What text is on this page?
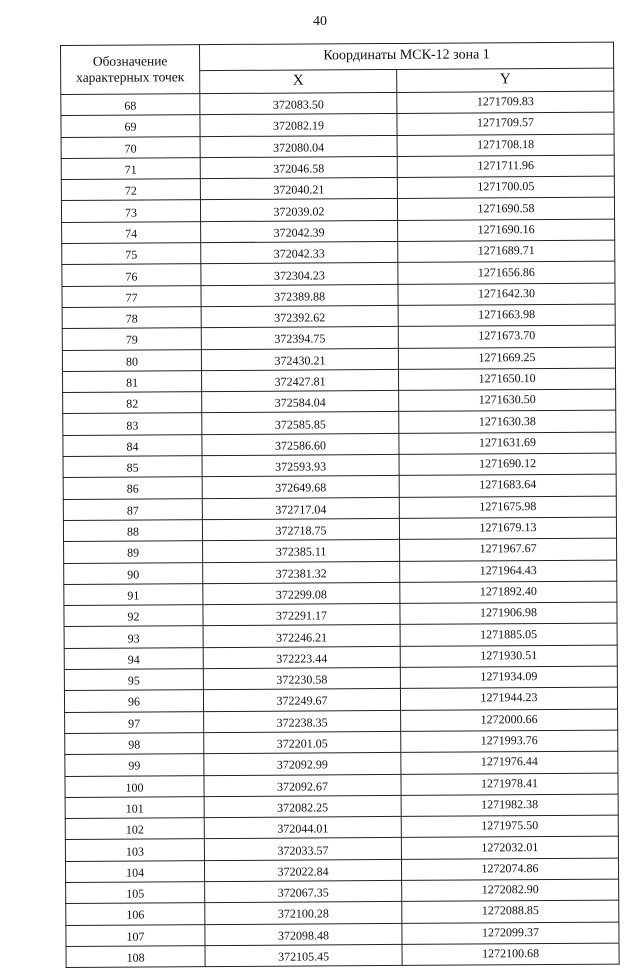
40
Обозначение характерных точек	Координаты МСК-12 зона 1	
	X	Y
68	372083.50	1271709.83
69	372082.19	1271709.57
70	372080.04	1271708.18
71	372046.58	1271711.96
72	372040.21	1271700.05
73	372039.02	1271690.58
74	372042.39	1271690.16
75	372042.33	1271689.71
76	372304.23	1271656.86
77	372389.88	1271642.30
78	372392.62	1271663.98
79	372394.75	1271673.70
80	372430.21	1271669.25
81	372427.81	1271650.10
82	372584.04	1271630.50
83	372585.85	1271630.38
84	372586.60	1271631.69
85	372593.93	1271690.12
86	372649.68	1271683.64
87	372717.04	1271675.98
88	372718.75	1271679.13
89	372385.11	1271967.67
90	372381.32	1271964.43
91	372299.08	1271892.40
92	372291.17	1271906.98
93	372246.21	1271885.05
94	372223.44	1271930.51
95	372230.58	1271934.09
96	372249.67	1271944.23
97	372238.35	1272000.66
98	372201.05	1271993.76
99	372092.99	1271976.44
100	372092.67	1271978.41
101	372082.25	1271982.38
102	372044.01	1271975.50
103	372033.57	1272032.01
104	372022.84	1272074.86
105	372067.35	1272082.90
106	372100.28	1272088.85
107	372098.48	1272099.37
108	372105.45	1272100.68
